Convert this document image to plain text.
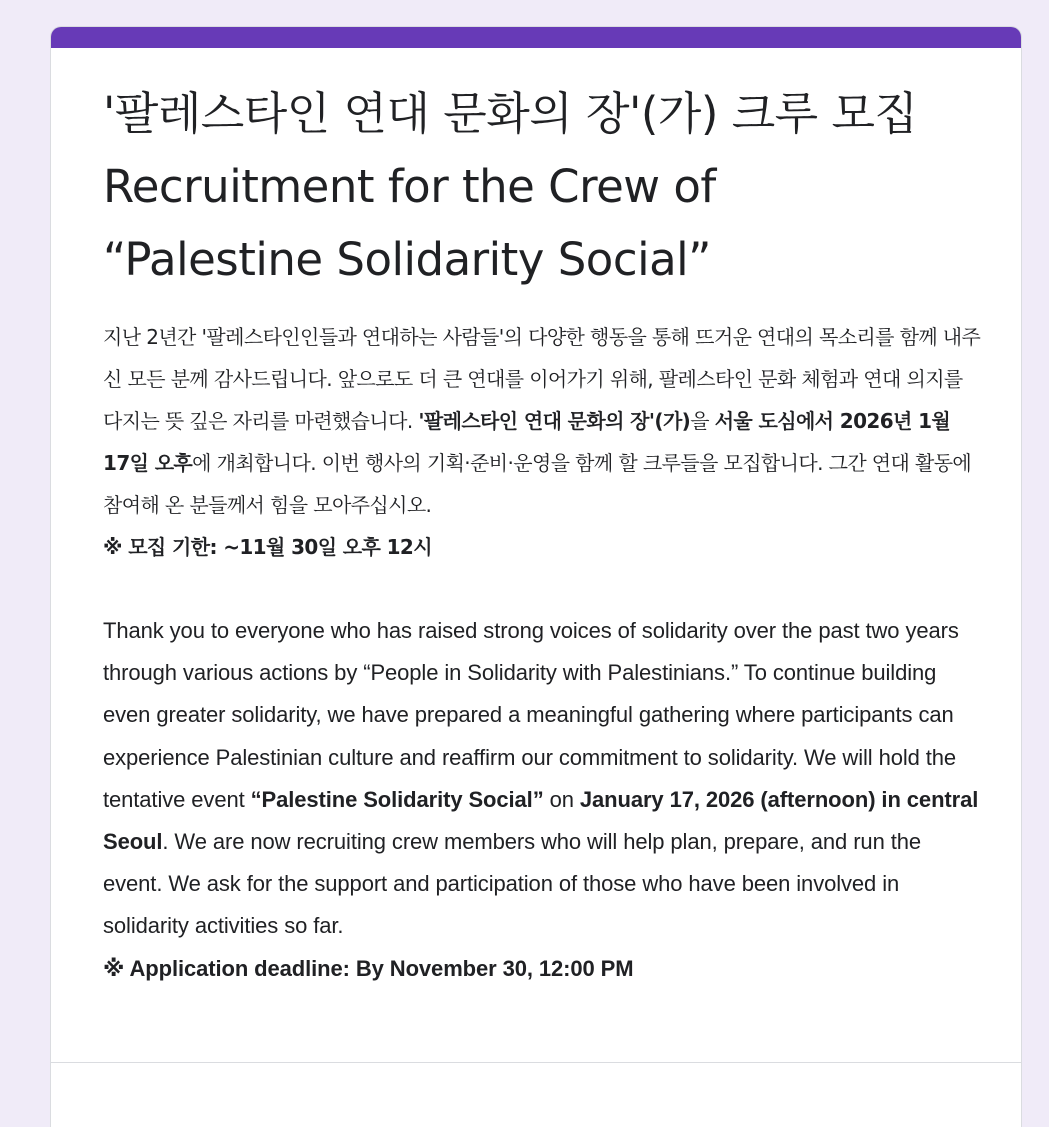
'팔레스타인 연대 문화의 장'(가) 크루 모집
Recruitment for the Crew of
“Palestine Solidarity Social”

지난 2년간 '팔레스타인인들과 연대하는 사람들'의 다양한 행동을 통해 뜨거운 연대의 목소리를 함께 내주신 모든 분께 감사드립니다. 앞으로도 더 큰 연대를 이어가기 위해, 팔레스타인 문화 체험과 연대 의지를 다지는 뜻 깊은 자리를 마련했습니다. '팔레스타인 연대 문화의 장'(가)을 서울 도심에서 2026년 1월 17일 오후에 개최합니다. 이번 행사의 기획·준비·운영을 함께 할 크루들을 모집합니다. 그간 연대 활동에 참여해 온 분들께서 힘을 모아주십시오.

※ 모집 기한: ~11월 30일 오후 12시

Thank you to everyone who has raised strong voices of solidarity over the past two years through various actions by “People in Solidarity with Palestinians.” To continue building even greater solidarity, we have prepared a meaningful gathering where participants can experience Palestinian culture and reaffirm our commitment to solidarity. We will hold the tentative event “Palestine Solidarity Social” on January 17, 2026 (afternoon) in central Seoul. We are now recruiting crew members who will help plan, prepare, and run the event. We ask for the support and participation of those who have been involved in solidarity activities so far.

※ Application deadline: By November 30, 12:00 PM
